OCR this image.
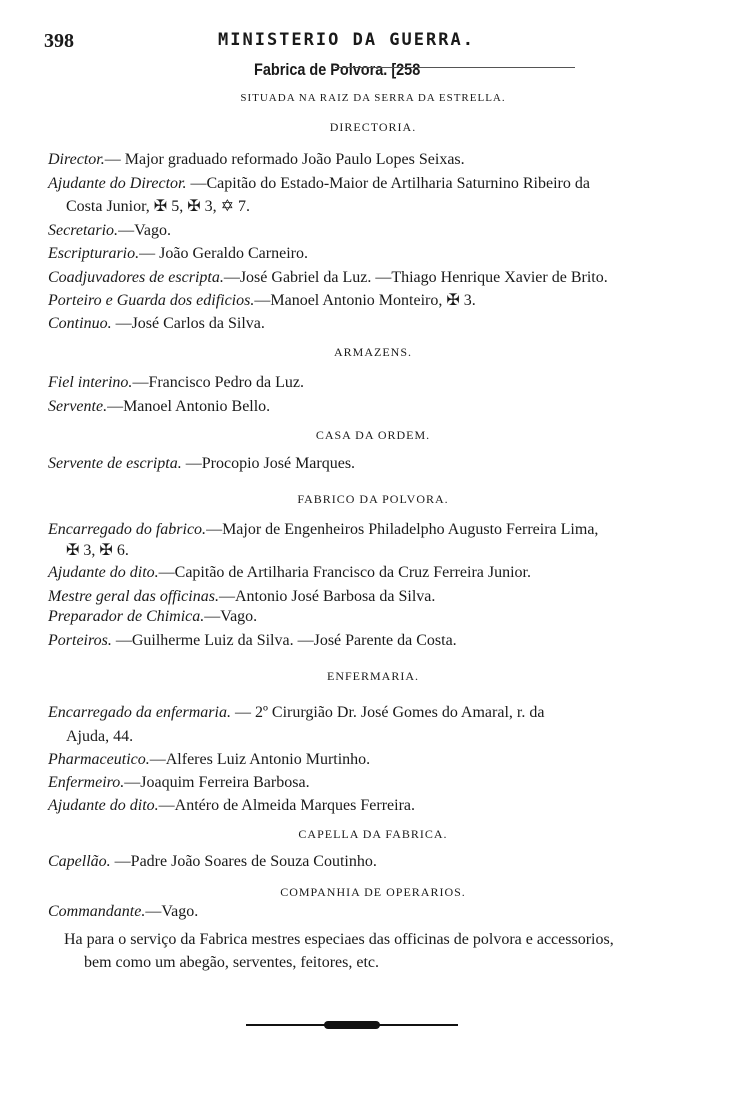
398	MINISTERIO DA GUERRA.
Fabrica de Polvora. [258
SITUADA NA RAIZ DA SERRA DA ESTRELLA.
DIRECTORIA.
Director.— Major graduado reformado João Paulo Lopes Seixas.
Ajudante do Director. —Capitão do Estado-Maior de Artilharia Saturnino Ribeiro da
Costa Junior, ✠ 5, ✠ 3, ✡ 7.
Secretario.—Vago.
Escripturario.— João Geraldo Carneiro.
Coadjuvadores de escripta.—José Gabriel da Luz. —Thiago Henrique Xavier de Brito.
Porteiro e Guarda dos edificios.—Manoel Antonio Monteiro, ✠ 3.
Continuo. —José Carlos da Silva.
ARMAZENS.
Fiel interino.—Francisco Pedro da Luz.
Servente.—Manoel Antonio Bello.
CASA DA ORDEM.
Servente de escripta. —Procopio José Marques.
FABRICO DA POLVORA.
Encarregado do fabrico.—Major de Engenheiros Philadelpho Augusto Ferreira Lima,
✠ 3, ✠ 6.
Ajudante do dito.—Capitão de Artilharia Francisco da Cruz Ferreira Junior.
Mestre geral das officinas.—Antonio José Barbosa da Silva.
Preparador de Chimica.—Vago.
Porteiros. —Guilherme Luiz da Silva. —José Parente da Costa.
ENFERMARIA.
Encarregado da enfermaria. — 2º Cirurgião Dr. José Gomes do Amaral, r. da
Ajuda, 44.
Pharmaceutico.—Alferes Luiz Antonio Murtinho.
Enfermeiro.—Joaquim Ferreira Barbosa.
Ajudante do dito.—Antéro de Almeida Marques Ferreira.
CAPELLA DA FABRICA.
Capellão. —Padre João Soares de Souza Coutinho.
COMPANHIA DE OPERARIOS.
Commandante.—Vago.
Ha para o serviço da Fabrica mestres especiaes das officinas de polvora e accessorios,
bem como um abegão, serventes, feitores, etc.
